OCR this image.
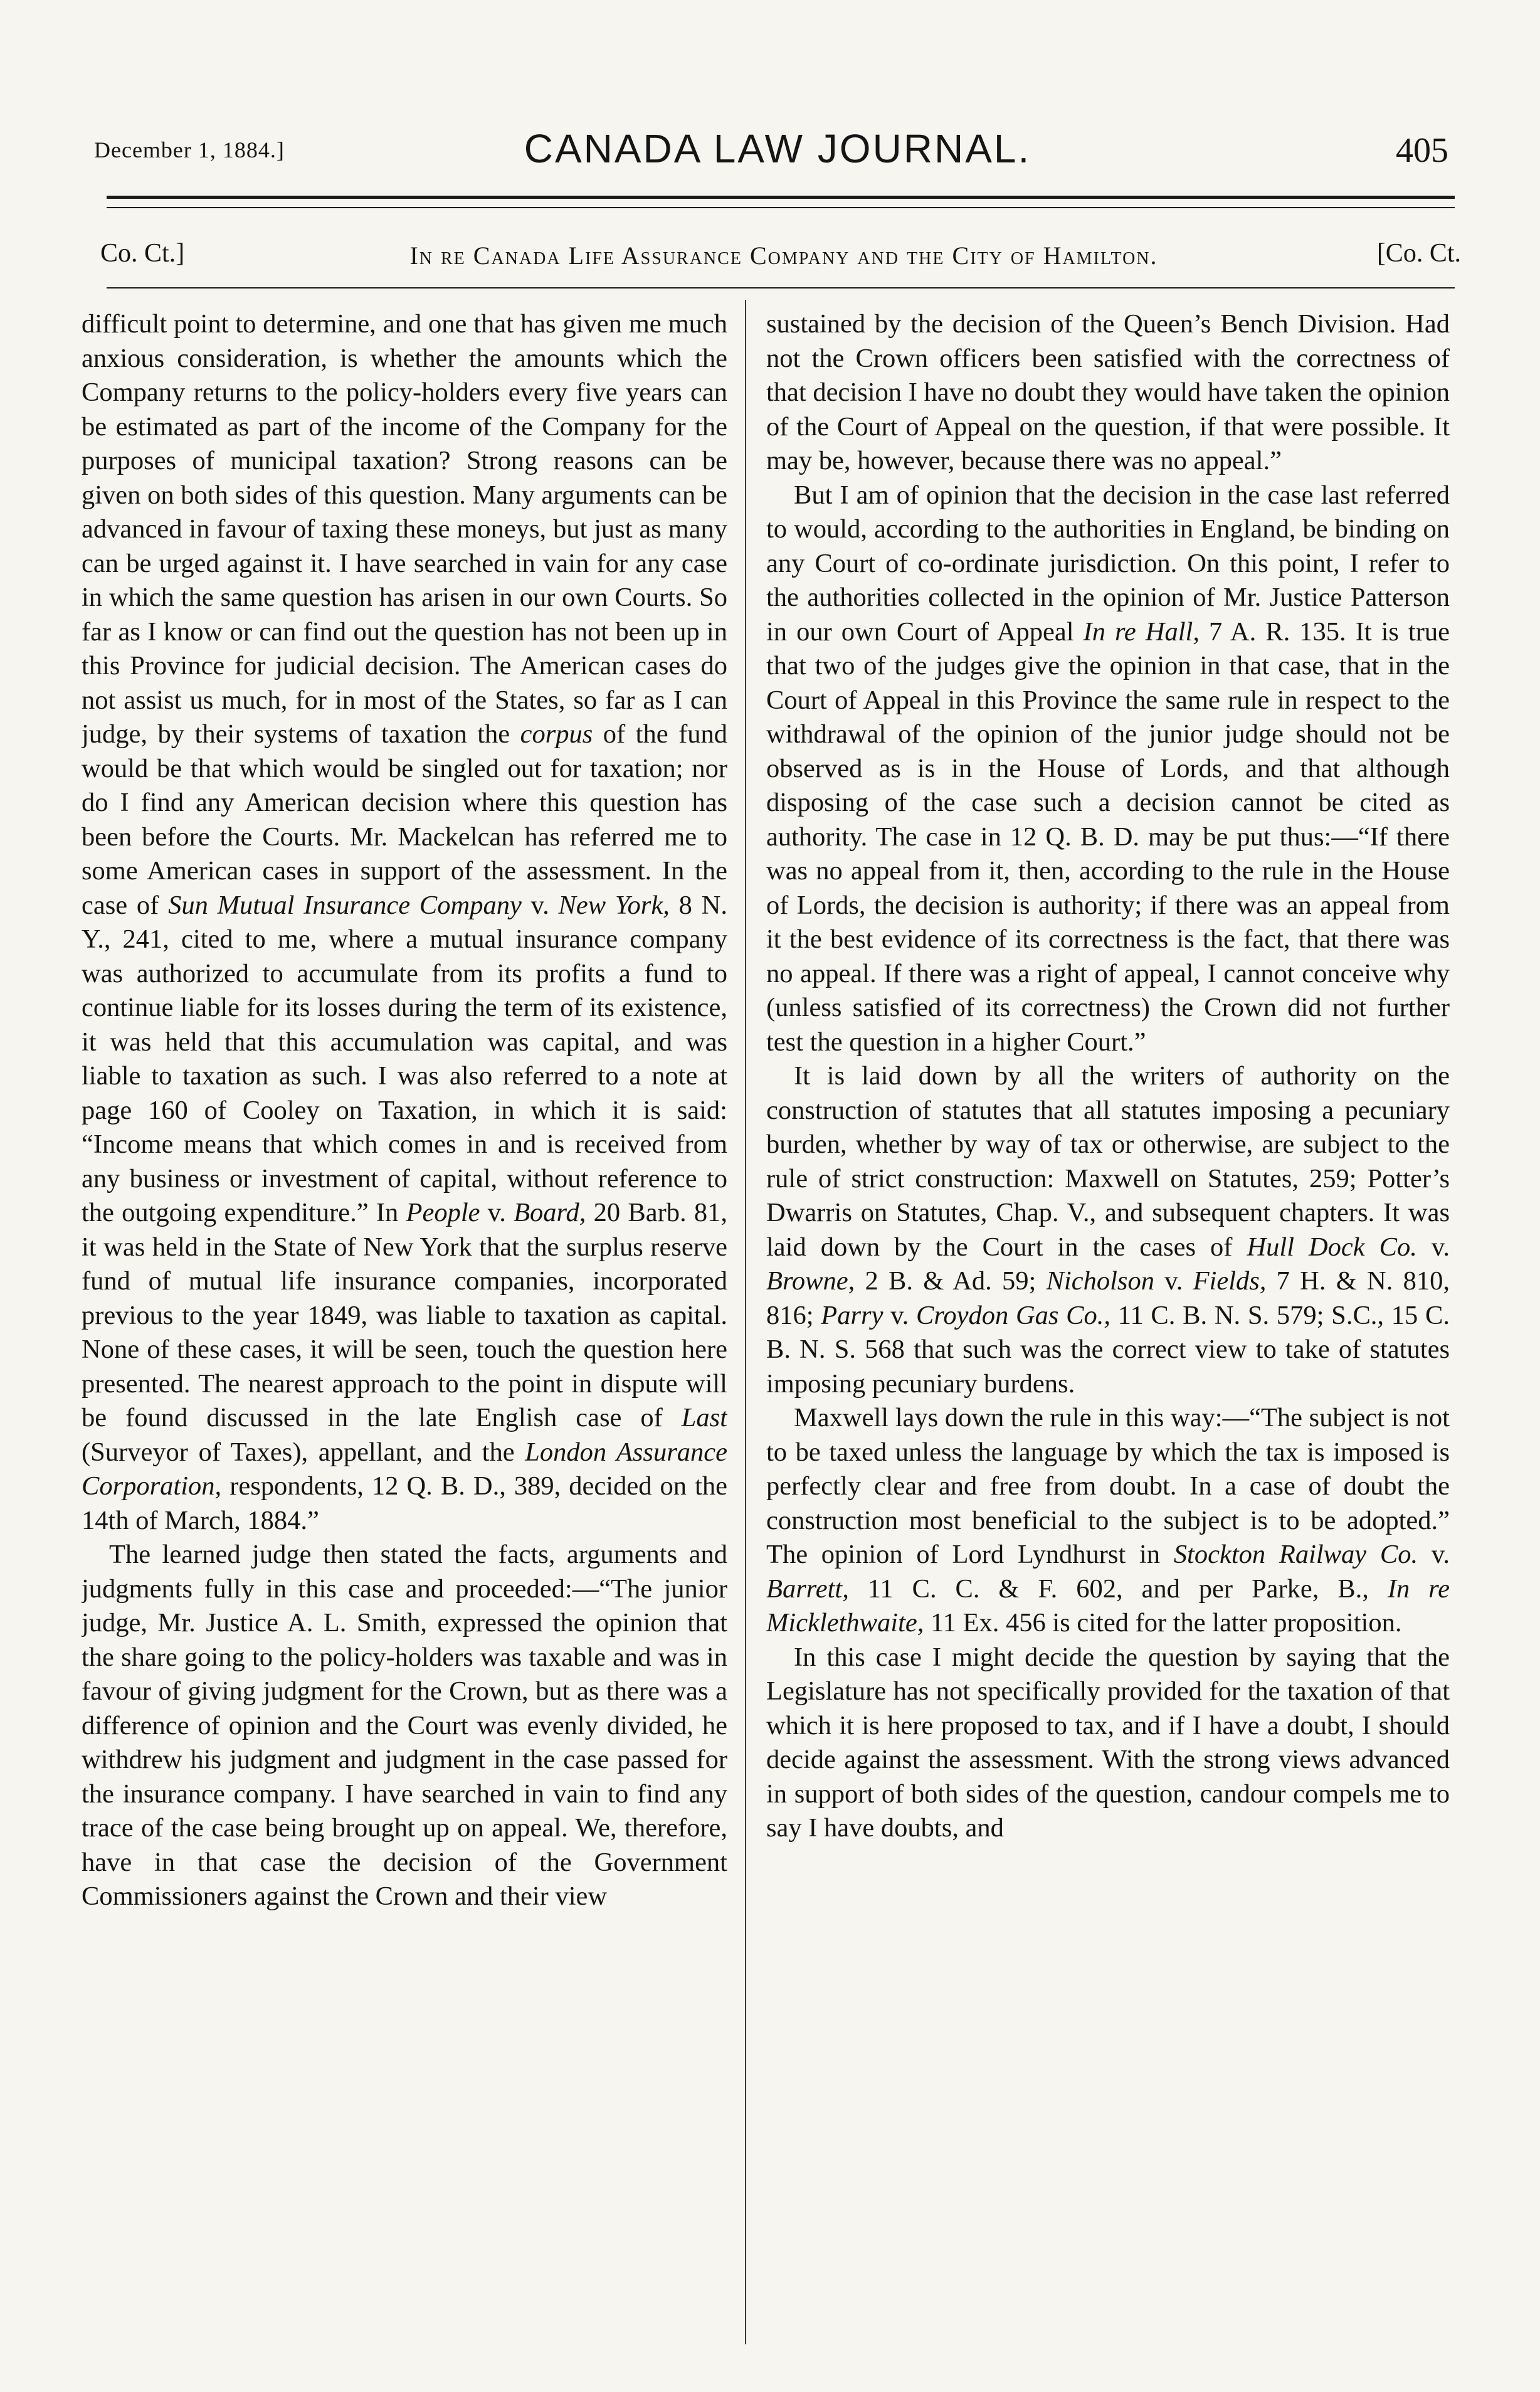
December 1, 1884.]	CANADA LAW JOURNAL.	405
Co. Ct.]	In re Canada Life Assurance Company and the City of Hamilton.	[Co. Ct.

difficult point to determine, and one that has given me much anxious consideration, is whether the amounts which the Company returns to the policy-holders every five years can be estimated as part of the income of the Company for the purposes of municipal taxation? Strong reasons can be given on both sides of this question. Many arguments can be advanced in favour of taxing these moneys, but just as many can be urged against it. I have searched in vain for any case in which the same question has arisen in our own Courts. So far as I know or can find out the question has not been up in this Province for judicial decision. The American cases do not assist us much, for in most of the States, so far as I can judge, by their systems of taxation the corpus of the fund would be that which would be singled out for taxation; nor do I find any American decision where this question has been before the Courts. Mr. Mackelcan has referred me to some American cases in support of the assessment. In the case of Sun Mutual Insurance Company v. New York, 8 N. Y., 241, cited to me, where a mutual insurance company was authorized to accumulate from its profits a fund to continue liable for its losses during the term of its existence, it was held that this accumulation was capital, and was liable to taxation as such. I was also referred to a note at page 160 of Cooley on Taxation, in which it is said: “Income means that which comes in and is received from any business or investment of capital, without reference to the outgoing expenditure.” In People v. Board, 20 Barb. 81, it was held in the State of New York that the surplus reserve fund of mutual life insurance companies, incorporated previous to the year 1849, was liable to taxation as capital. None of these cases, it will be seen, touch the question here presented. The nearest approach to the point in dispute will be found discussed in the late English case of Last (Surveyor of Taxes), appellant, and the London Assurance Corporation, respondents, 12 Q. B. D., 389, decided on the 14th of March, 1884.”

The learned judge then stated the facts, arguments and judgments fully in this case and proceeded:—“The junior judge, Mr. Justice A. L. Smith, expressed the opinion that the share going to the policy-holders was taxable and was in favour of giving judgment for the Crown, but as there was a difference of opinion and the Court was evenly divided, he withdrew his judgment and judgment in the case passed for the insurance company. I have searched in vain to find any trace of the case being brought up on appeal. We, therefore, have in that case the decision of the Government Commissioners against the Crown and their view

sustained by the decision of the Queen’s Bench Division. Had not the Crown officers been satisfied with the correctness of that decision I have no doubt they would have taken the opinion of the Court of Appeal on the question, if that were possible. It may be, however, because there was no appeal.”

But I am of opinion that the decision in the case last referred to would, according to the authorities in England, be binding on any Court of co-ordinate jurisdiction. On this point, I refer to the authorities collected in the opinion of Mr. Justice Patterson in our own Court of Appeal In re Hall, 7 A. R. 135. It is true that two of the judges give the opinion in that case, that in the Court of Appeal in this Province the same rule in respect to the withdrawal of the opinion of the junior judge should not be observed as is in the House of Lords, and that although disposing of the case such a decision cannot be cited as authority. The case in 12 Q. B. D. may be put thus:—“If there was no appeal from it, then, according to the rule in the House of Lords, the decision is authority; if there was an appeal from it the best evidence of its correctness is the fact, that there was no appeal. If there was a right of appeal, I cannot conceive why (unless satisfied of its correctness) the Crown did not further test the question in a higher Court.”

It is laid down by all the writers of authority on the construction of statutes that all statutes imposing a pecuniary burden, whether by way of tax or otherwise, are subject to the rule of strict construction: Maxwell on Statutes, 259; Potter’s Dwarris on Statutes, Chap. V., and subsequent chapters. It was laid down by the Court in the cases of Hull Dock Co. v. Browne, 2 B. & Ad. 59; Nicholson v. Fields, 7 H. & N. 810, 816; Parry v. Croydon Gas Co., 11 C. B. N. S. 579; S.C., 15 C. B. N. S. 568 that such was the correct view to take of statutes imposing pecuniary burdens.

Maxwell lays down the rule in this way:—“The subject is not to be taxed unless the language by which the tax is imposed is perfectly clear and free from doubt. In a case of doubt the construction most beneficial to the subject is to be adopted.” The opinion of Lord Lyndhurst in Stockton Railway Co. v. Barrett, 11 C. C. & F. 602, and per Parke, B., In re Micklethwaite, 11 Ex. 456 is cited for the latter proposition.

In this case I might decide the question by saying that the Legislature has not specifically provided for the taxation of that which it is here proposed to tax, and if I have a doubt, I should decide against the assessment. With the strong views advanced in support of both sides of the question, candour compels me to say I have doubts, and
